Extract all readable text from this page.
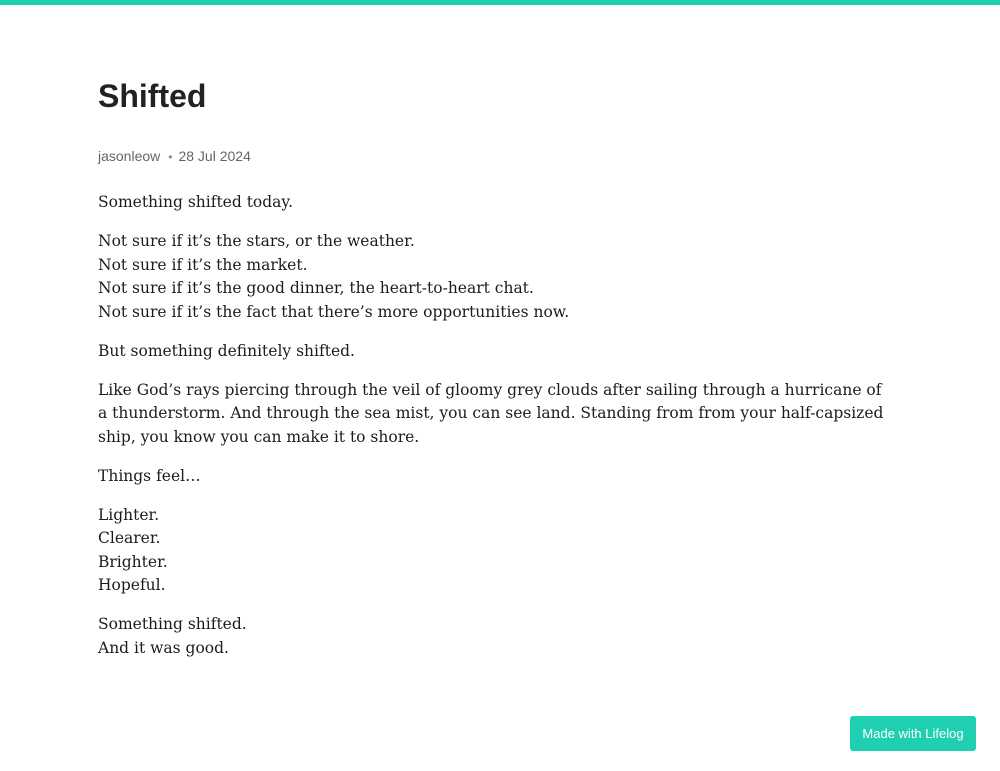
Shifted
jasonleow • 28 Jul 2024

Something shifted today.

Not sure if it’s the stars, or the weather.
Not sure if it’s the market.
Not sure if it’s the good dinner, the heart-to-heart chat.
Not sure if it’s the fact that there’s more opportunities now.

But something definitely shifted.

Like God’s rays piercing through the veil of gloomy grey clouds after sailing through a hurricane of a thunderstorm. And through the sea mist, you can see land. Standing from from your half-capsized ship, you know you can make it to shore.

Things feel…

Lighter.
Clearer.
Brighter.
Hopeful.

Something shifted.
And it was good.

Made with Lifelog
